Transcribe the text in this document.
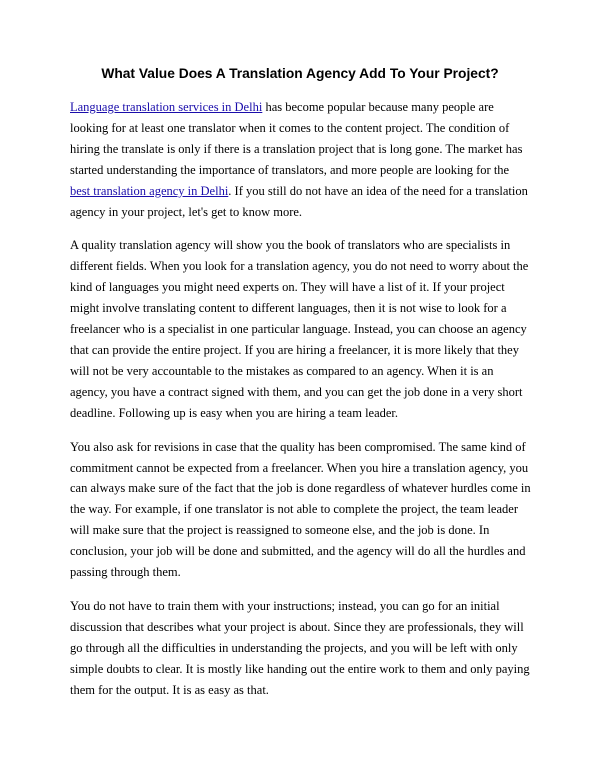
What Value Does A Translation Agency Add To Your Project?

Language translation services in Delhi has become popular because many people are looking for at least one translator when it comes to the content project. The condition of hiring the translate is only if there is a translation project that is long gone. The market has started understanding the importance of translators, and more people are looking for the best translation agency in Delhi. If you still do not have an idea of the need for a translation agency in your project, let's get to know more.

A quality translation agency will show you the book of translators who are specialists in different fields. When you look for a translation agency, you do not need to worry about the kind of languages you might need experts on. They will have a list of it. If your project might involve translating content to different languages, then it is not wise to look for a freelancer who is a specialist in one particular language. Instead, you can choose an agency that can provide the entire project. If you are hiring a freelancer, it is more likely that they will not be very accountable to the mistakes as compared to an agency. When it is an agency, you have a contract signed with them, and you can get the job done in a very short deadline. Following up is easy when you are hiring a team leader.

You also ask for revisions in case that the quality has been compromised. The same kind of commitment cannot be expected from a freelancer. When you hire a translation agency, you can always make sure of the fact that the job is done regardless of whatever hurdles come in the way. For example, if one translator is not able to complete the project, the team leader will make sure that the project is reassigned to someone else, and the job is done. In conclusion, your job will be done and submitted, and the agency will do all the hurdles and passing through them.

You do not have to train them with your instructions; instead, you can go for an initial discussion that describes what your project is about. Since they are professionals, they will go through all the difficulties in understanding the projects, and you will be left with only simple doubts to clear. It is mostly like handing out the entire work to them and only paying them for the output. It is as easy as that.
